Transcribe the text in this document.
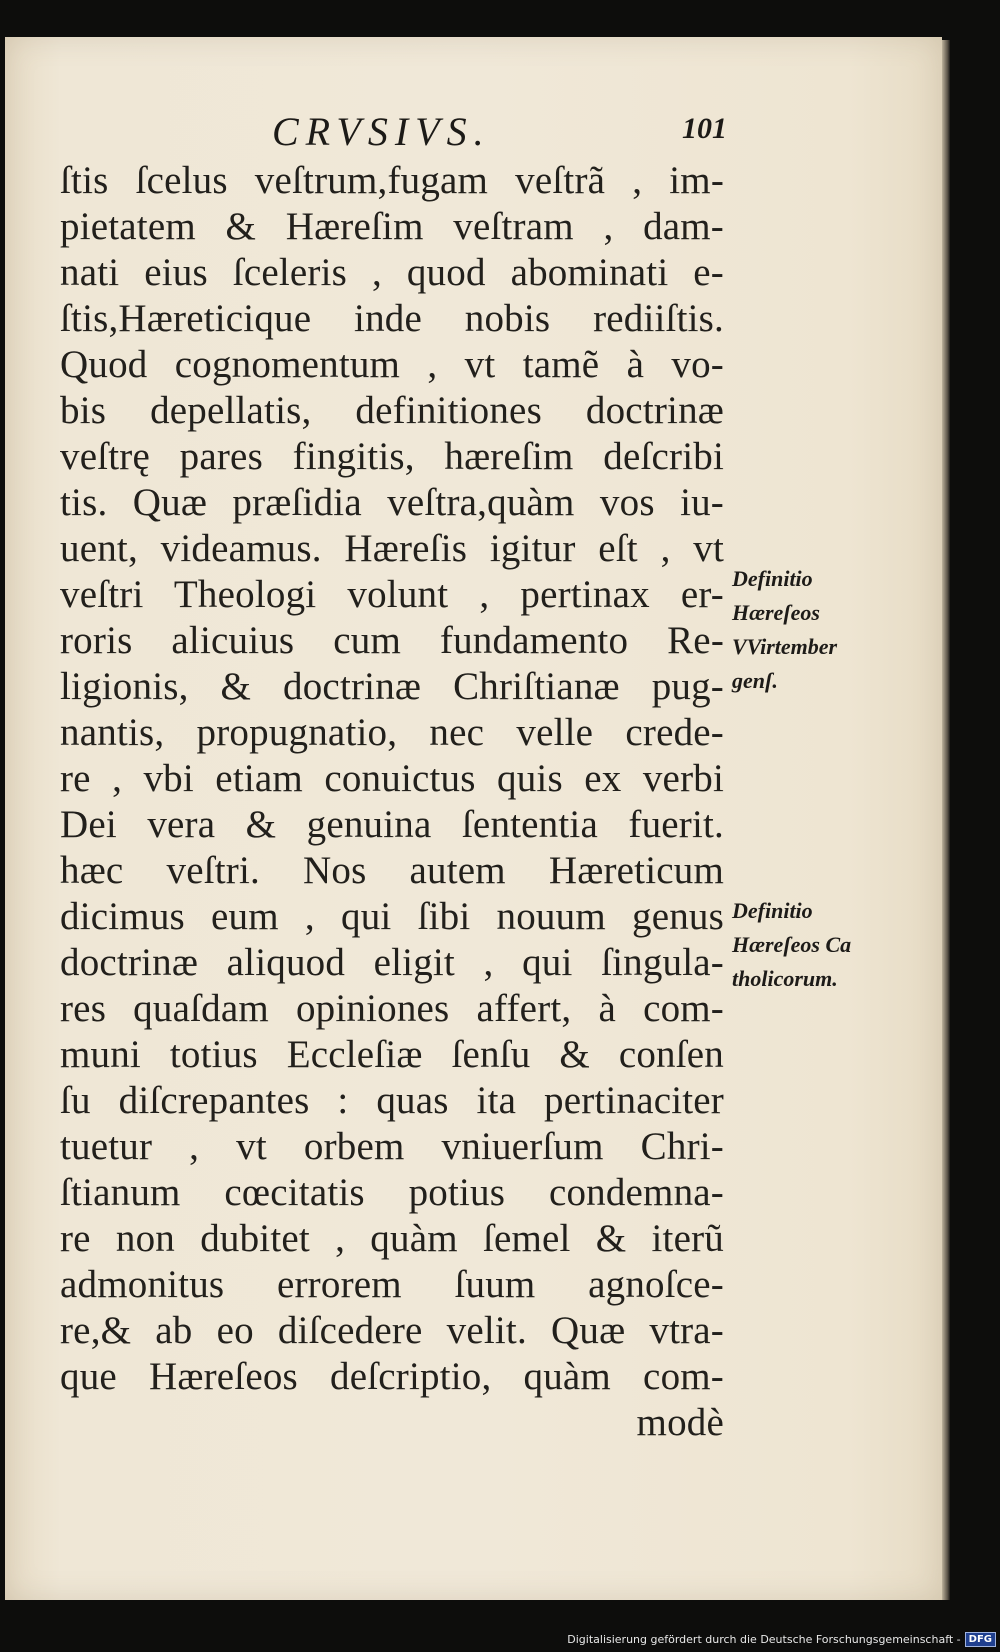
CRVSIVS.	101
ſtis ſcelus veſtrum,fugam veſtrã , im-
pietatem & Hæreſim veſtram , dam-
nati eius ſceleris , quod abominati e-
ſtis,Hæreticique inde nobis rediiſtis.
Quod cognomentum , vt tamẽ à vo-
bis depellatis, definitiones doctrinæ
veſtrę pares fingitis, hæreſim deſcribi
tis. Quæ præſidia veſtra,quàm vos iu-
uent, videamus. Hæreſis igitur eſt , vt
veſtri Theologi volunt , pertinax er-
roris alicuius cum fundamento Re-
ligionis, & doctrinæ Chriſtianæ pug-
nantis, propugnatio, nec velle crede-
re , vbi etiam conuictus quis ex verbi
Dei vera & genuina ſententia fuerit.
hæc veſtri. Nos autem Hæreticum
dicimus eum , qui ſibi nouum genus
doctrinæ aliquod eligit , qui ſingula-
res quaſdam opiniones affert, à com-
muni totius Eccleſiæ ſenſu & conſen
ſu diſcrepantes : quas ita pertinaciter
tuetur , vt orbem vniuerſum Chri-
ſtianum cœcitatis potius condemna-
re non dubitet , quàm ſemel & iterũ
admonitus errorem ſuum agnoſce-
re,& ab eo diſcedere velit. Quæ vtra-
que Hæreſeos deſcriptio, quàm com-
modè
Definitio
Hæreſeos
VVirtember
genſ.
Definitio
Hæreſeos Ca
tholicorum.
Digitalisierung gefördert durch die Deutsche Forschungsgemeinschaft - DFG
